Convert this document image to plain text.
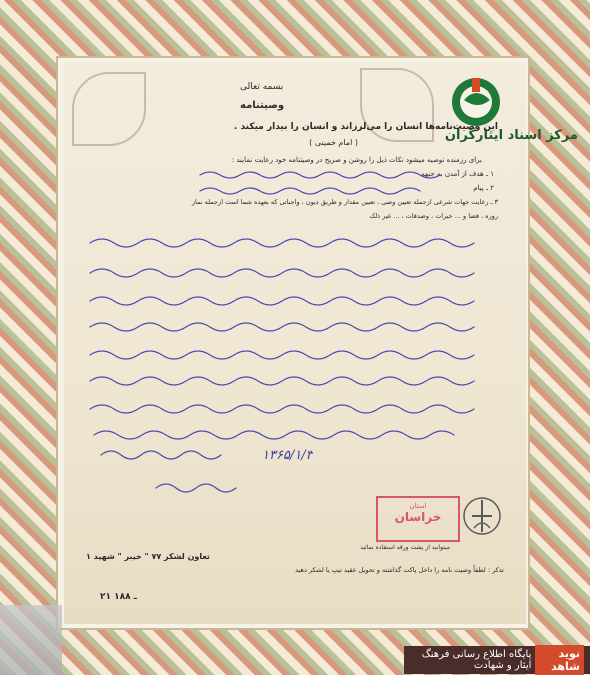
مرکز اسناد ایثارگران
بسمه تعالی
وصیتنامه
این وصیت‌نامه‌ها انسان را می‌لرزاند و انسان را بیدار میکند .
( امام خمینی )
برای رزمنده توصیه میشود نکات ذیل را روشن و صریح در وصیتنامه خود رعایت نمایند :
۱ ـ هدف از آمدن به جبهه
۲ ـ پیام
۳ ـ رعایت جهات شرعی ازجمله تعیین وصی ، تعیین مقدار و طریق دیون ، واجباتی که بعهده شما است ازجمله نماز
روزه ، قضا و ... خیرات ، وصدقات ، ... غیر ذلک
۱۳۶۵/۱/۳
استان
خراسان
تعاون لشکر ۷۷ " خیبر " شهید ۱
۲۱ ـ ۱۸۸
میتوانید از پشت ورقه استفاده نمائید
تذکر : لطفاً وصیت نامه را داخل پاکت گذاشته و تحویل عقید تیپ یا لشکر دهید
نوید شاهد
پایگاه اطلاع رسانی فرهنگ ایثار و شهادت
